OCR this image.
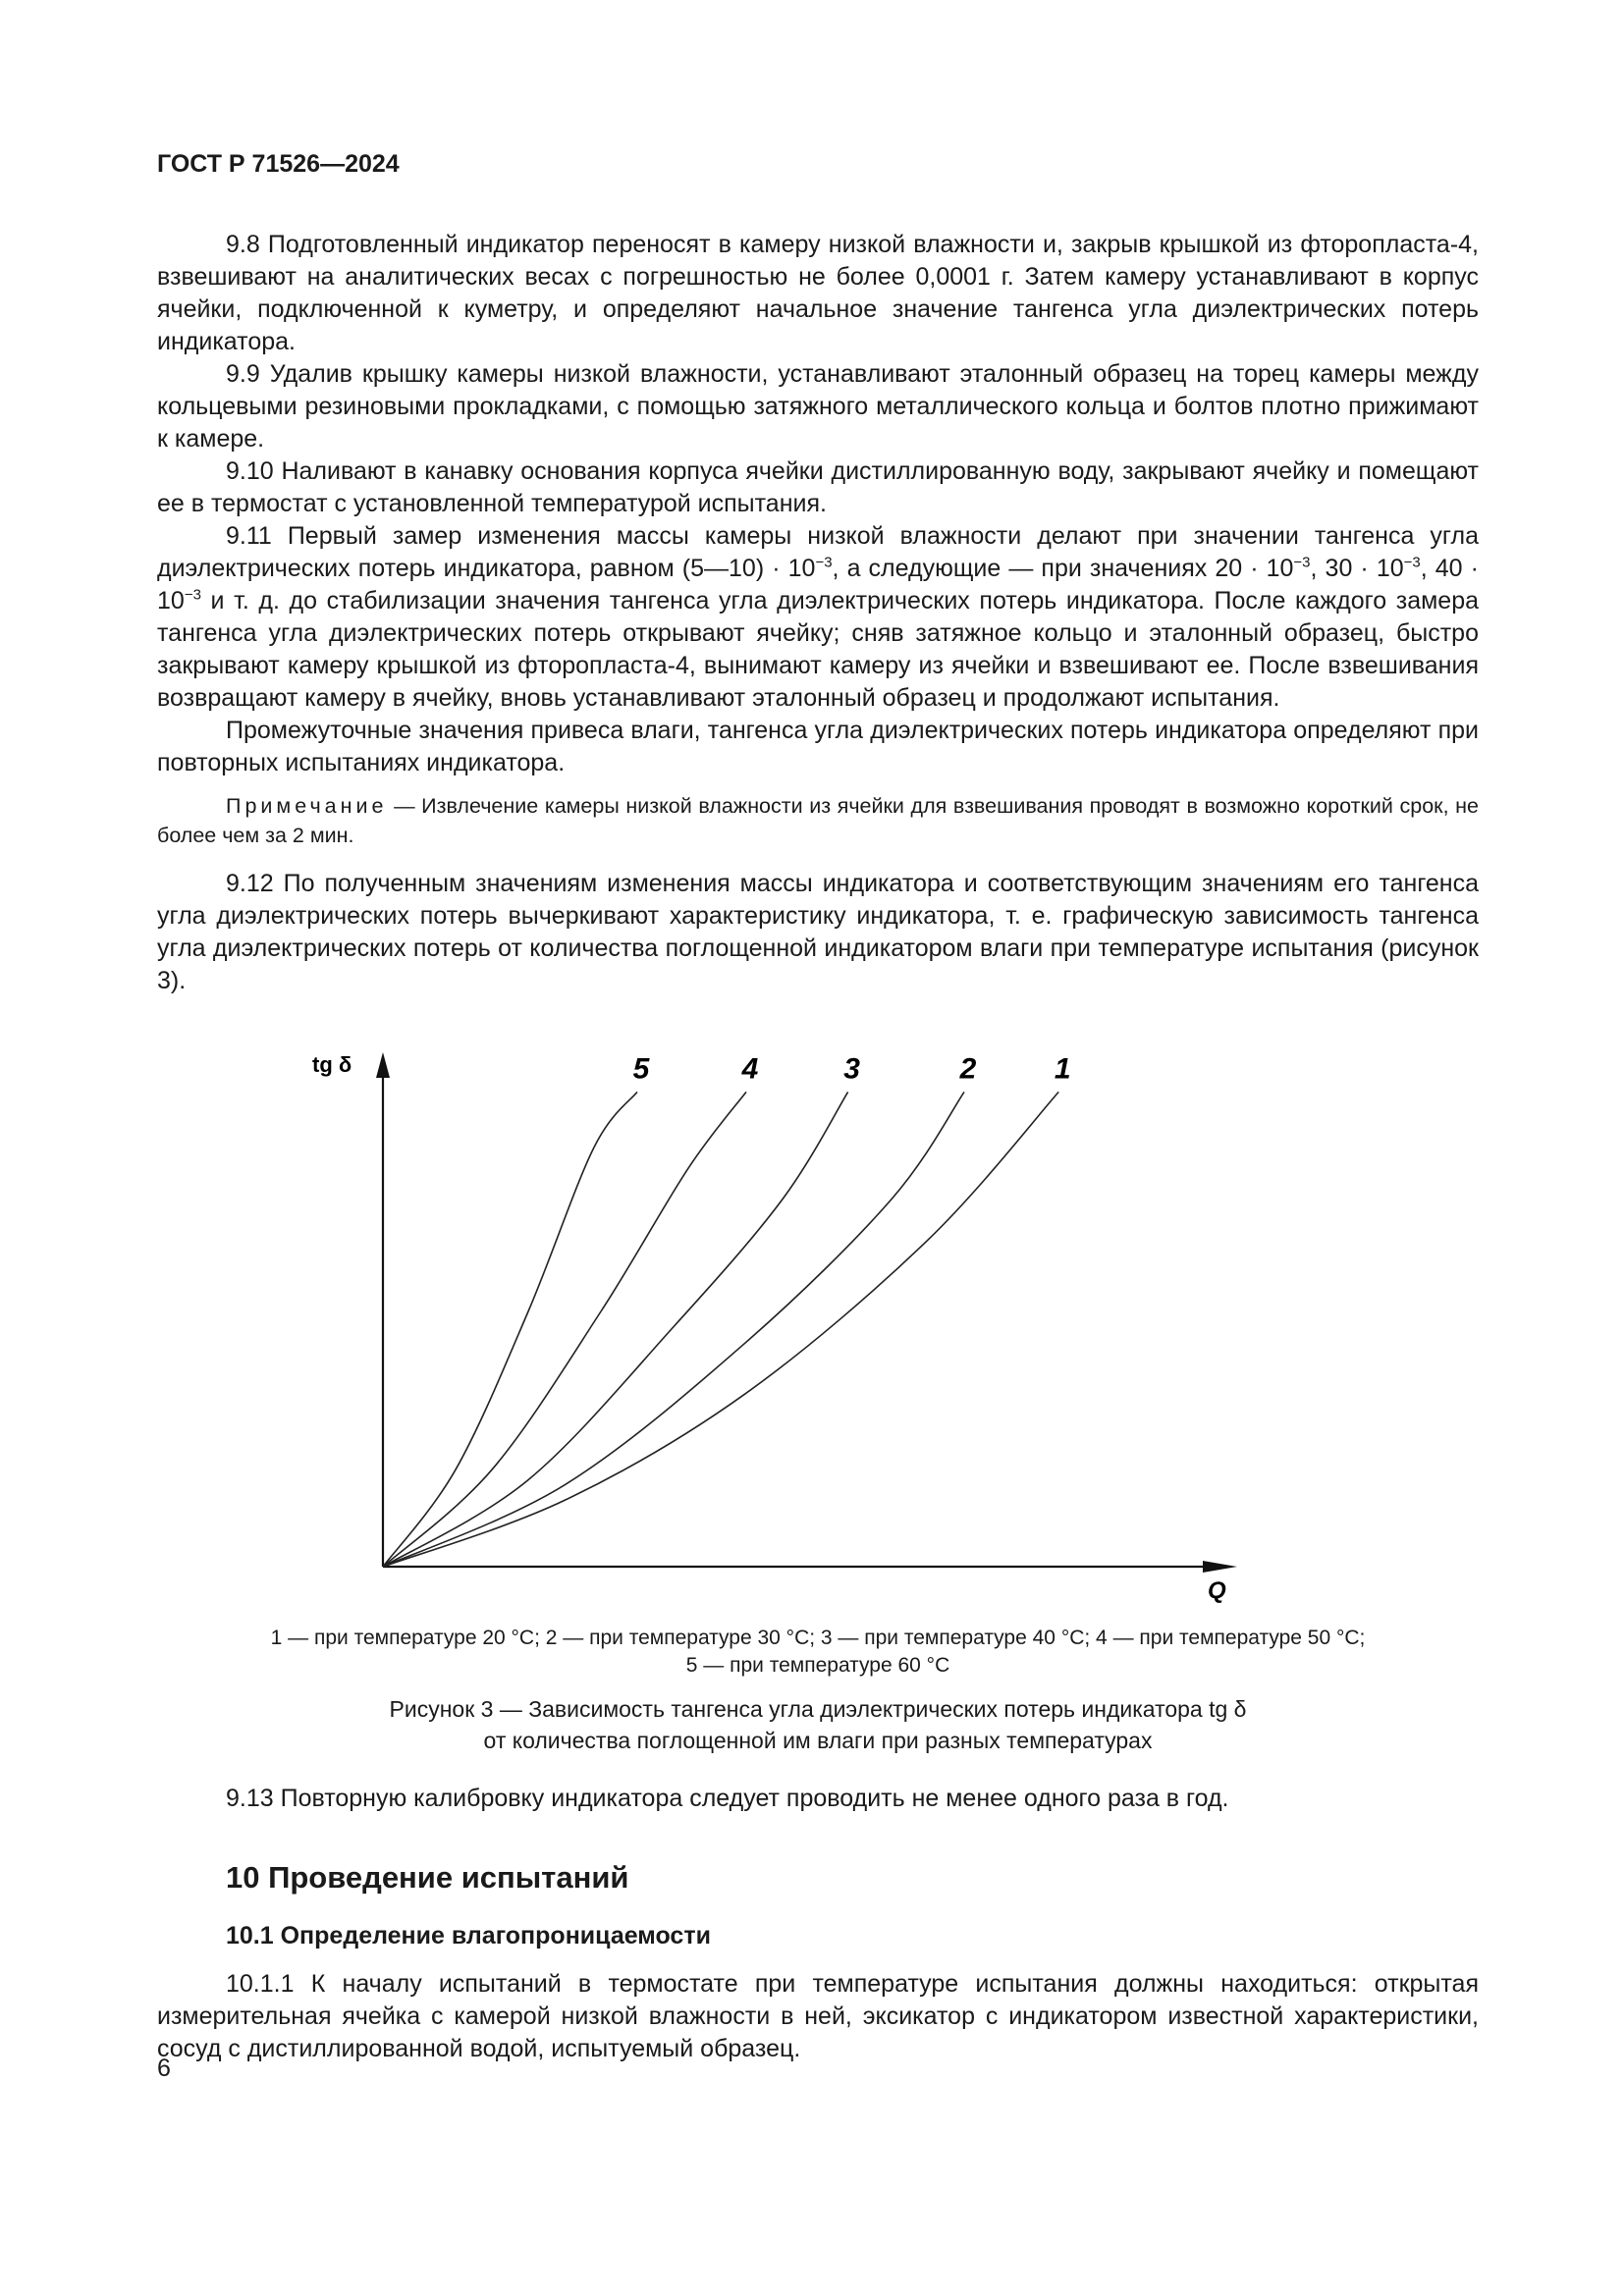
ГОСТ Р 71526—2024

9.8 Подготовленный индикатор переносят в камеру низкой влажности и, закрыв крышкой из фторопласта-4, взвешивают на аналитических весах с погрешностью не более 0,0001 г. Затем камеру устанавливают в корпус ячейки, подключенной к куметру, и определяют начальное значение тангенса угла диэлектрических потерь индикатора.

9.9 Удалив крышку камеры низкой влажности, устанавливают эталонный образец на торец камеры между кольцевыми резиновыми прокладками, с помощью затяжного металлического кольца и болтов плотно прижимают к камере.

9.10 Наливают в канавку основания корпуса ячейки дистиллированную воду, закрывают ячейку и помещают ее в термостат с установленной температурой испытания.

9.11 Первый замер изменения массы камеры низкой влажности делают при значении тангенса угла диэлектрических потерь индикатора, равном (5—10) · $10^{-3}$, а следующие — при значениях $20 \cdot 10^{-3}$, $30 \cdot 10^{-3}$, $40 \cdot 10^{-3}$ и т. д. до стабилизации значения тангенса угла диэлектрических потерь индикатора. После каждого замера тангенса угла диэлектрических потерь открывают ячейку; сняв затяжное кольцо и эталонный образец, быстро закрывают камеру крышкой из фторопласта-4, вынимают камеру из ячейки и взвешивают ее. После взвешивания возвращают камеру в ячейку, вновь устанавливают эталонный образец и продолжают испытания.

Промежуточные значения привеса влаги, тангенса угла диэлектрических потерь индикатора определяют при повторных испытаниях индикатора.

Примечание — Извлечение камеры низкой влажности из ячейки для взвешивания проводят в возможно короткий срок, не более чем за 2 мин.

9.12 По полученным значениям изменения массы индикатора и соответствующим значениям его тангенса угла диэлектрических потерь вычеркивают характеристику индикатора, т. е. графическую зависимость тангенса угла диэлектрических потерь от количества поглощенной индикатором влаги при температуре испытания (рисунок 3).

tg δ
Q
1
2
3
4
5
1 — при температуре 20 °С; 2 — при температуре 30 °С; 3 — при температуре 40 °С; 4 — при температуре 50 °С;
5 — при температуре 60 °С
Рисунок 3 — Зависимость тангенса угла диэлектрических потерь индикатора tg δ
от количества поглощенной им влаги при разных температурах
9.13 Повторную калибровку индикатора следует проводить не менее одного раза в год.
10 Проведение испытаний
10.1 Определение влагопроницаемости

10.1.1 К началу испытаний в термостате при температуре испытания должны находиться: открытая измерительная ячейка с камерой низкой влажности в ней, эксикатор с индикатором известной характеристики, сосуд с дистиллированной водой, испытуемый образец.

6
